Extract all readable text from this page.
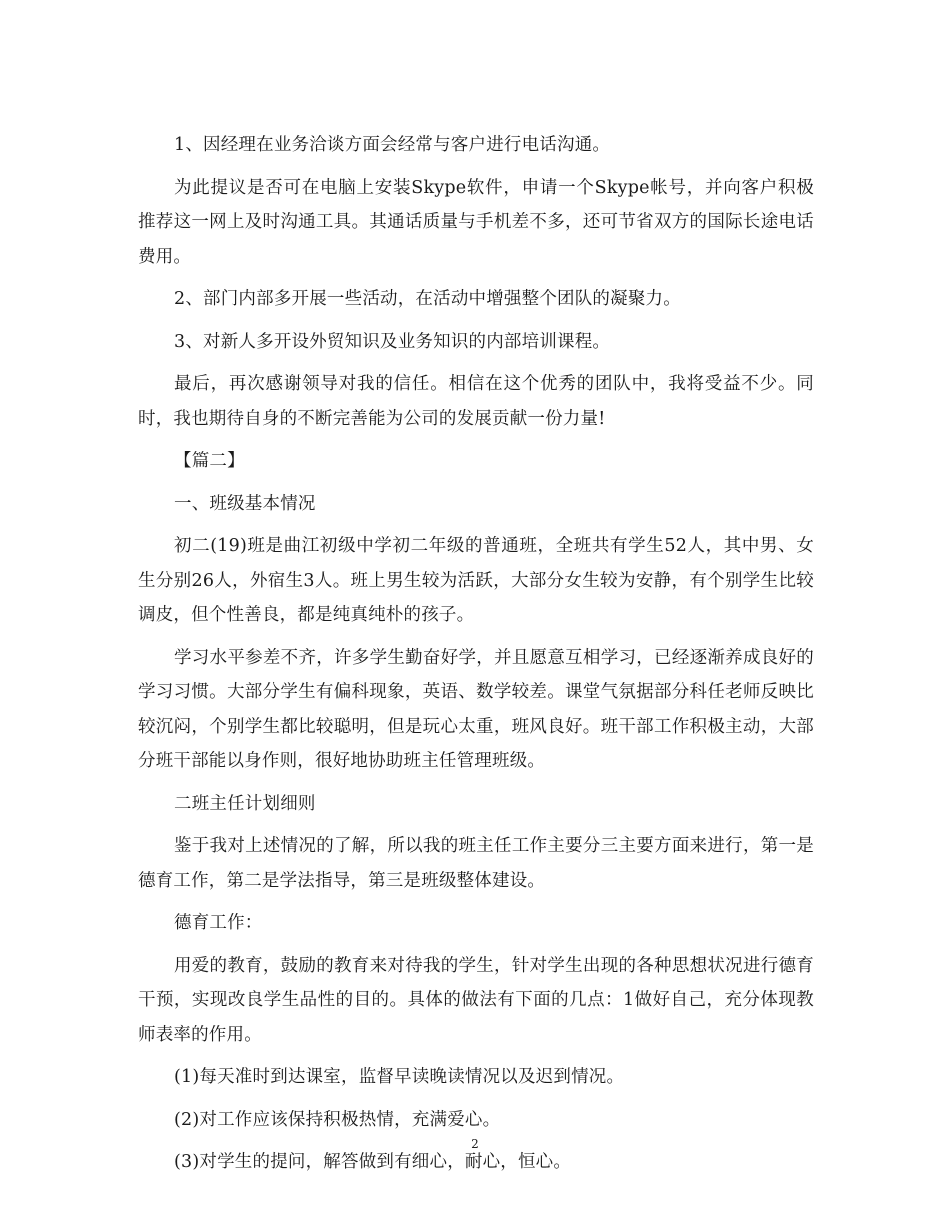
1、因经理在业务洽谈方面会经常与客户进行电话沟通。

为此提议是否可在电脑上安装Skype软件，申请一个Skype帐号，并向客户积极推荐这一网上及时沟通工具。其通话质量与手机差不多，还可节省双方的国际长途电话费用。

2、部门内部多开展一些活动，在活动中增强整个团队的凝聚力。

3、对新人多开设外贸知识及业务知识的内部培训课程。

最后，再次感谢领导对我的信任。相信在这个优秀的团队中，我将受益不少。同时，我也期待自身的不断完善能为公司的发展贡献一份力量!

【篇二】

一、班级基本情况

初二(19)班是曲江初级中学初二年级的普通班，全班共有学生52人，其中男、女生分别26人，外宿生3人。班上男生较为活跃，大部分女生较为安静，有个别学生比较调皮，但个性善良，都是纯真纯朴的孩子。

学习水平参差不齐，许多学生勤奋好学，并且愿意互相学习，已经逐渐养成良好的学习习惯。大部分学生有偏科现象，英语、数学较差。课堂气氛据部分科任老师反映比较沉闷，个别学生都比较聪明，但是玩心太重，班风良好。班干部工作积极主动，大部分班干部能以身作则，很好地协助班主任管理班级。

二班主任计划细则

鉴于我对上述情况的了解，所以我的班主任工作主要分三主要方面来进行，第一是德育工作，第二是学法指导，第三是班级整体建设。

德育工作：

用爱的教育，鼓励的教育来对待我的学生，针对学生出现的各种思想状况进行德育干预，实现改良学生品性的目的。具体的做法有下面的几点：1做好自己，充分体现教师表率的作用。

(1)每天准时到达课室，监督早读晚读情况以及迟到情况。

(2)对工作应该保持积极热情，充满爱心。

(3)对学生的提问，解答做到有细心，耐心，恒心。

2
